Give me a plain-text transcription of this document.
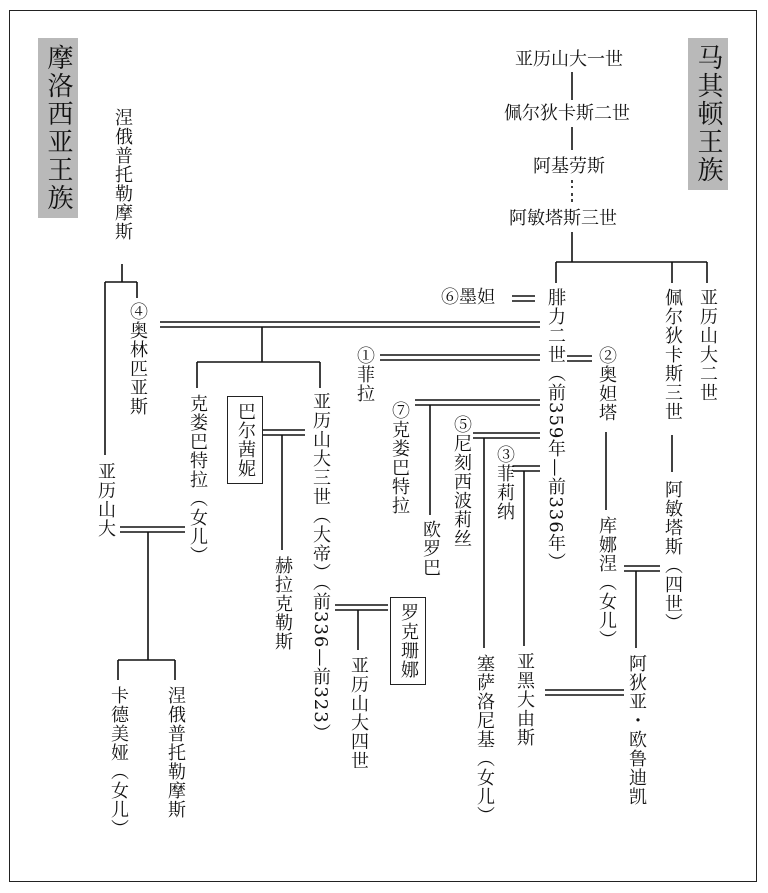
摩洛西亚王族	马其顿王族
亚历山大一世
佩尔狄卡斯二世
阿基劳斯
阿敏塔斯三世
腓力二世（前359年—前336年）	佩尔狄卡斯三世 亚历山大二世
阿敏塔斯（四世）
库娜涅（女儿）
阿狄亚・欧鲁迪凯
⑥墨妲
①菲拉	②奥妲塔
⑦克娄巴特拉 ⑤尼刻西波莉丝 ③菲莉纳
涅俄普托勒摩斯
④奥林匹亚斯
亚历山大
卡德美娅（女儿） 涅俄普托勒摩斯
克娄巴特拉（女儿）	亚历山大三世（大帝）（前336—前323）
巴尔茜妮
赫拉克勒斯	罗克珊娜
亚历山大四世
欧罗巴
塞萨洛尼基（女儿） 亚黑大由斯
